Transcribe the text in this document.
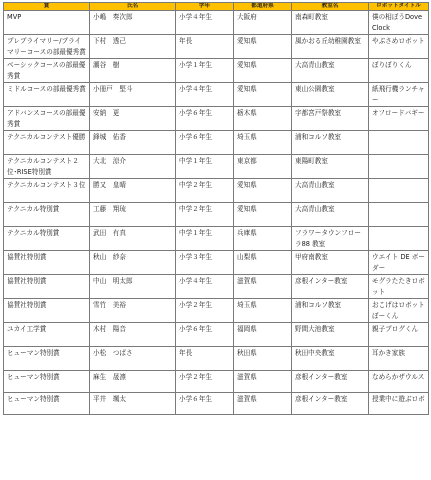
賞	氏名	学年	都道府県	教室名	ロボットタイトル
MVP	小嶋　奏次郎	小学４年生	大阪府	南森町教室	僕の相ぼうDove Clock
プレプライマリー/プライマリーコースの部最優秀賞	下村　透己	年長	愛知県	風かおる丘幼稚園教室	やぶさめロボット
ベーシックコースの部最優秀賞	潮谷　樹	小学１年生	愛知県	大高青山教室	ぼりぼりくん
ミドルコースの部最優秀賞	小冊戸　堅斗	小学４年生	愛知県	東山公園教室	紙飛行機ランチャー
アドバンスコースの部最優秀賞	安納　更	小学６年生	栃木県	宇都宮戸祭教室	オフロードバギー
テクニカルコンテスト優勝	鋒城　佑香	小学６年生	埼玉県	浦和コルソ教室	
テクニカルコンテスト２位･RISE特別賞	大北　涼介	中学１年生	東京都	東陽町教室	
テクニカルコンテスト３位	勝又　皇晴	中学２年生	愛知県	大高青山教室	
テクニカル特別賞	工藤　翔琉	中学２年生	愛知県	大高青山教室	
テクニカル特別賞	武田　有真	中学１年生	兵庫県	フラワータウンフローラ88 教室	
協賛社特別賞	秋山　紗奈	小学３年生	山梨県	甲府南教室	ウエイト DE ボーダー
協賛社特別賞	中山　明太郎	小学４年生	滋賀県	彦根インター教室	モグラたたきロボット
協賛社特別賞	雪竹　美裕	小学２年生	埼玉県	浦和コルソ教室	おこげはロボットぼーくん
ユカイ工学賞	木村　陽音	小学６年生	福岡県	野間大池教室	親子プログくん
ヒューマン特別賞	小松　つばさ	年長	秋田県	秋田中央教室	耳かき家族
ヒューマン特別賞	麻生　晟凛	小学２年生	滋賀県	彦根インター教室	なめらかザウルス
ヒューマン特別賞	平井　颯太	小学６年生	滋賀県	彦根インター教室	授業中に遊ぶロボ
